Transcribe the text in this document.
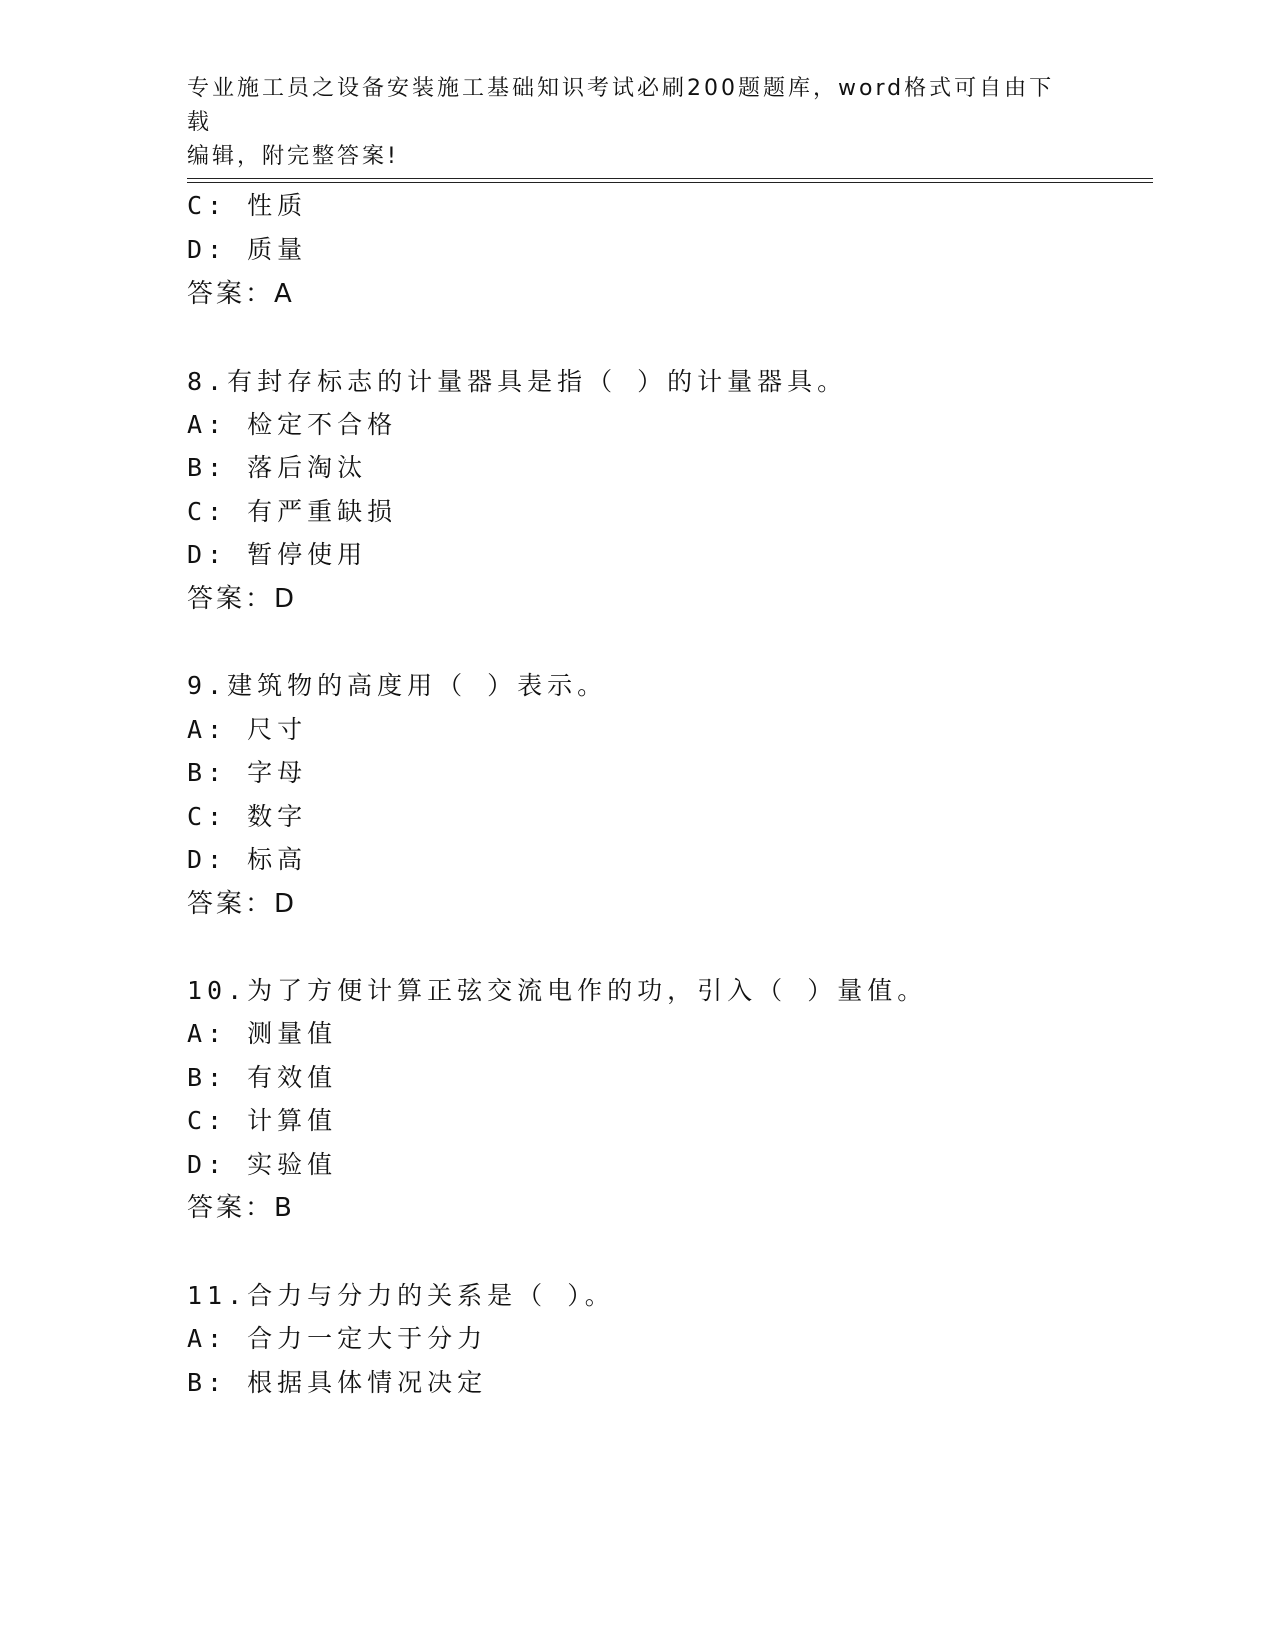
专业施工员之设备安装施工基础知识考试必刷200题题库，word格式可自由下载
编辑，附完整答案!
C: 性质
D: 质量
答案：A
8.有封存标志的计量器具是指（ ）的计量器具。
A: 检定不合格
B: 落后淘汰
C: 有严重缺损
D: 暂停使用
答案：D
9.建筑物的高度用（ ）表示。
A: 尺寸
B: 字母
C: 数字
D: 标高
答案：D
10.为了方便计算正弦交流电作的功，引入（ ）量值。
A: 测量值
B: 有效值
C: 计算值
D: 实验值
答案：B
11.合力与分力的关系是（ ）。
A: 合力一定大于分力
B: 根据具体情况决定
